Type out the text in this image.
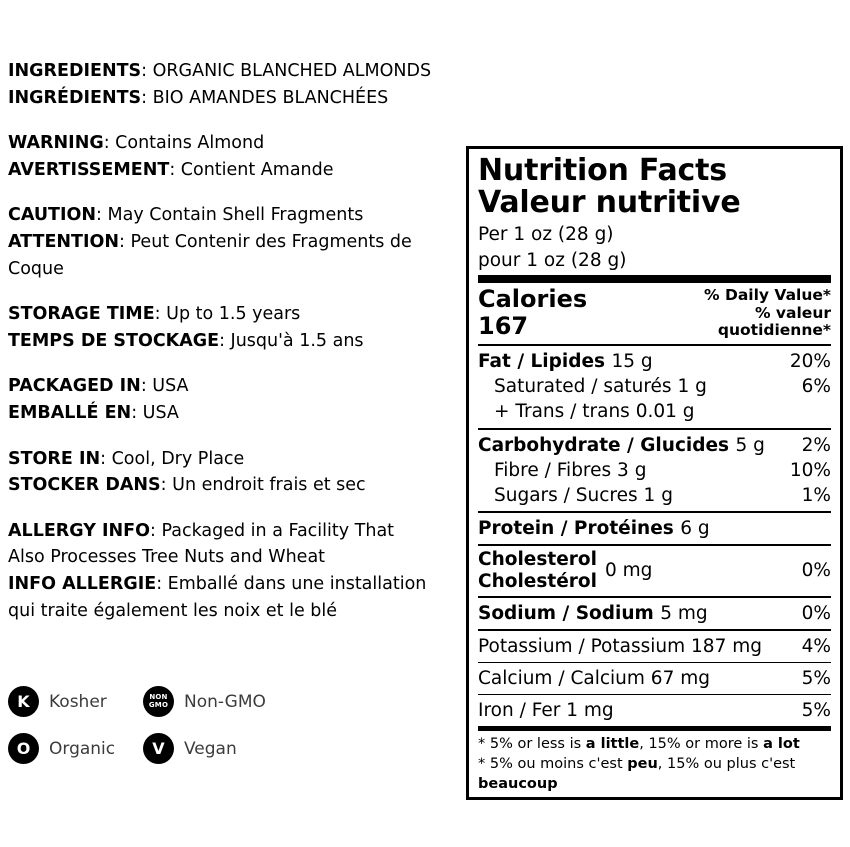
INGREDIENTS: ORGANIC BLANCHED ALMONDS
INGRÉDIENTS: BIO AMANDES BLANCHÉES
WARNING: Contains Almond
AVERTISSEMENT: Contient Amande
CAUTION: May Contain Shell Fragments
ATTENTION: Peut Contenir des Fragments de Coque
STORAGE TIME: Up to 1.5 years
TEMPS DE STOCKAGE: Jusqu'à 1.5 ans
PACKAGED IN: USA
EMBALLÉ EN: USA
STORE IN: Cool, Dry Place
STOCKER DANS: Un endroit frais et sec
ALLERGY INFO: Packaged in a Facility That
Also Processes Tree Nuts and Wheat
INFO ALLERGIE: Emballé dans une installation
qui traite également les noix et le blé
K	Kosher	NON
GMO Non-GMO
O	Organic	V	Vegan
Nutrition Facts
Valeur nutritive
Per 1 oz (28 g)
pour 1 oz (28 g)
Calories 167
% Daily Value*
% valeur quotidienne*
Fat / Lipides 15 g	20%
Saturated / saturés 1 g	6%
+ Trans / trans 0.01 g
Carbohydrate / Glucides 5 g	2%
Fibre / Fibres 3 g	10%
Sugars / Sucres 1 g	1%
Protein / Protéines 6 g
Cholesterol
Cholestérol
0 mg	0%
Sodium / Sodium 5 mg	0%
Potassium / Potassium 187 mg	4%
Calcium / Calcium 67 mg	5%
Iron / Fer 1 mg	5%
* 5% or less is a little, 15% or more is a lot
* 5% ou moins c'est peu, 15% ou plus c'est
beaucoup
